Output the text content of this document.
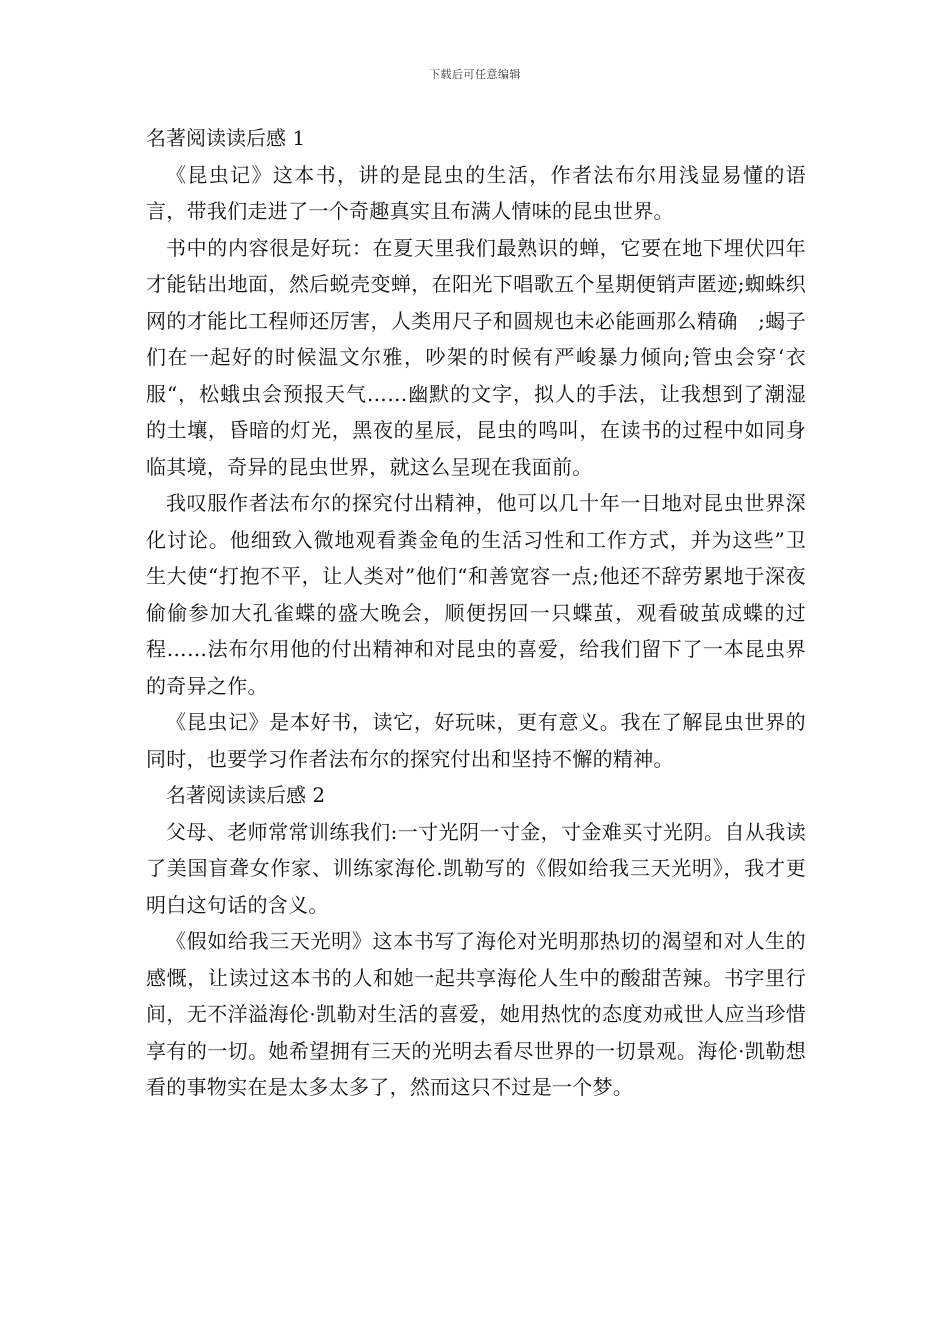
下载后可任意编辑
名著阅读读后感 1

《昆虫记》这本书，讲的是昆虫的生活，作者法布尔用浅显易懂的语言，带我们走进了一个奇趣真实且布满人情味的昆虫世界。

书中的内容很是好玩：在夏天里我们最熟识的蝉，它要在地下埋伏四年才能钻出地面，然后蜕壳变蝉，在阳光下唱歌五个星期便销声匿迹;蜘蛛织网的才能比工程师还厉害，人类用尺子和圆规也未必能画那么精确　;蝎子们在一起好的时候温文尔雅，吵架的时候有严峻暴力倾向;管虫会穿‘衣服“，松蛾虫会预报天气……幽默的文字，拟人的手法，让我想到了潮湿的土壤，昏暗的灯光，黑夜的星辰，昆虫的鸣叫，在读书的过程中如同身临其境，奇异的昆虫世界，就这么呈现在我面前。

我叹服作者法布尔的探究付出精神，他可以几十年一日地对昆虫世界深化讨论。他细致入微地观看粪金龟的生活习性和工作方式，并为这些”卫生大使“打抱不平，让人类对”他们“和善宽容一点;他还不辞劳累地于深夜偷偷参加大孔雀蝶的盛大晚会，顺便拐回一只蝶茧，观看破茧成蝶的过程……法布尔用他的付出精神和对昆虫的喜爱，给我们留下了一本昆虫界的奇异之作。

《昆虫记》是本好书，读它，好玩味，更有意义。我在了解昆虫世界的同时，也要学习作者法布尔的探究付出和坚持不懈的精神。

名著阅读读后感 2

父母、老师常常训练我们:一寸光阴一寸金，寸金难买寸光阴。自从我读了美国盲聋女作家、训练家海伦.凯勒写的《假如给我三天光明》，我才更明白这句话的含义。

《假如给我三天光明》这本书写了海伦对光明那热切的渴望和对人生的感慨，让读过这本书的人和她一起共享海伦人生中的酸甜苦辣。书字里行间，无不洋溢海伦·凯勒对生活的喜爱，她用热忱的态度劝戒世人应当珍惜享有的一切。她希望拥有三天的光明去看尽世界的一切景观。海伦·凯勒想看的事物实在是太多太多了，然而这只不过是一个梦。
